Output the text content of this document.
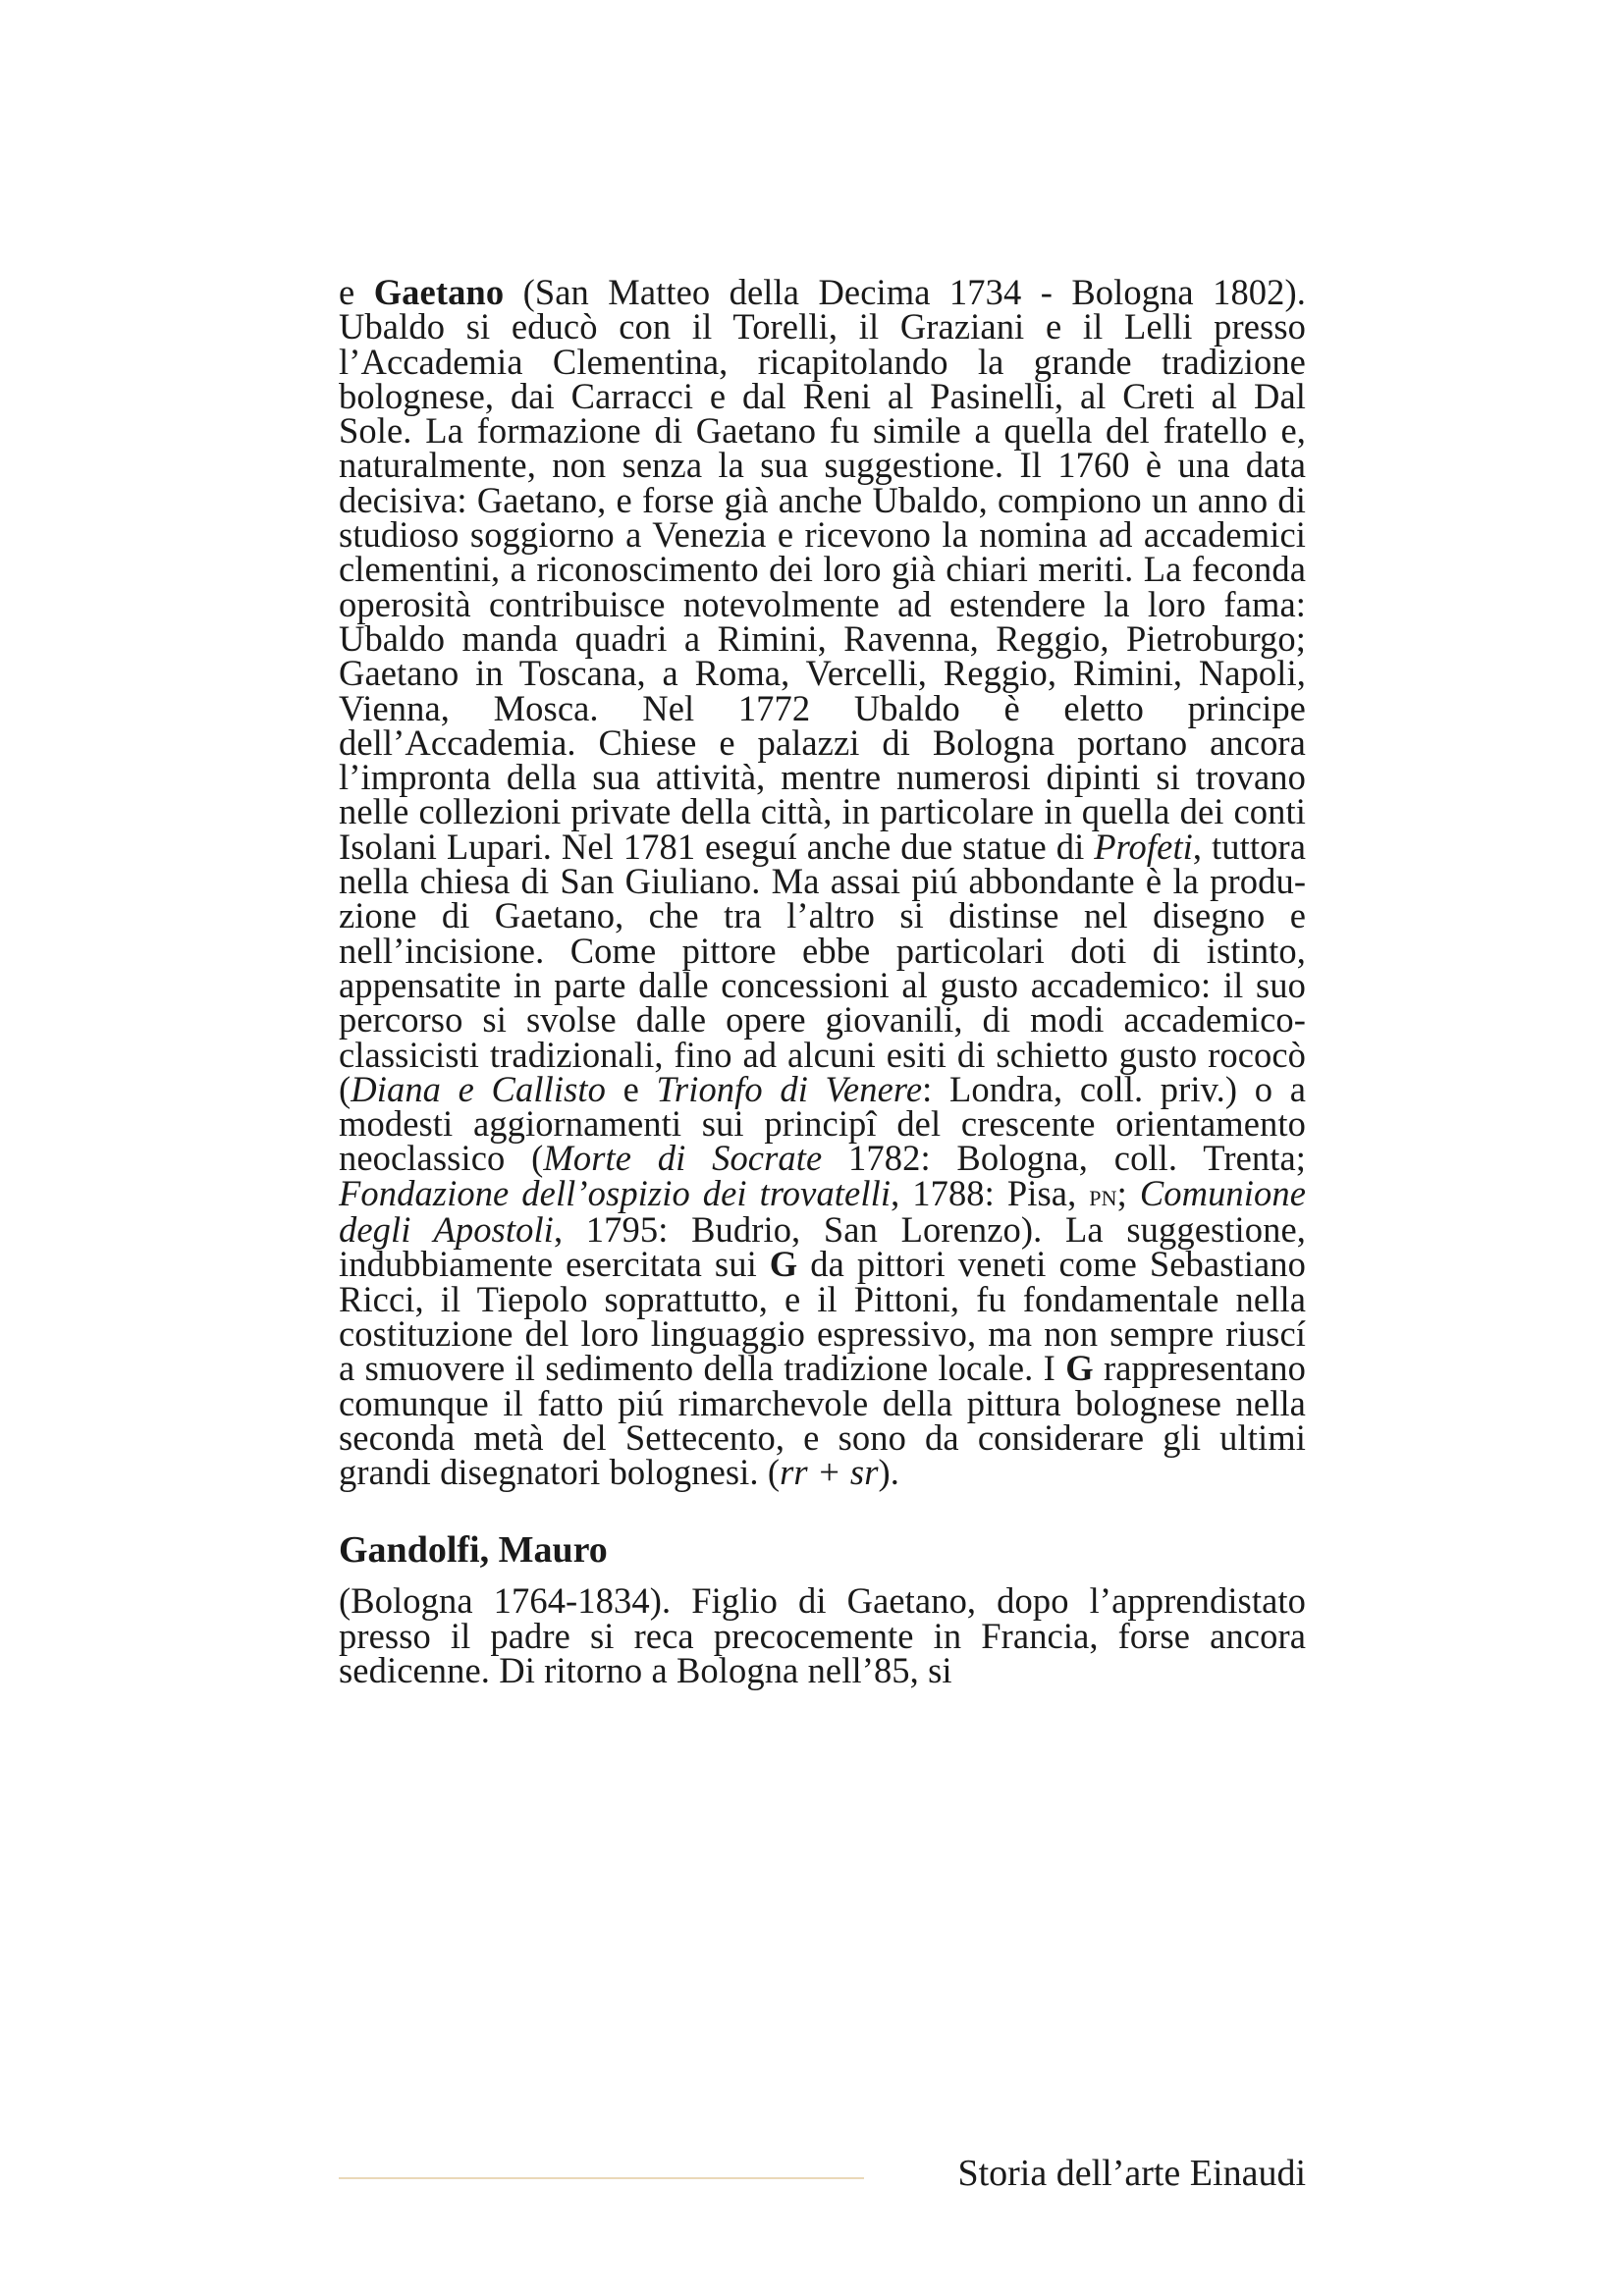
e Gaetano (San Matteo della Decima 1734 - Bologna 1802). Ubaldo si educò con il Torelli, il Graziani e il Lelli presso l’Accademia Clementina, ricapitolando la grande tradizione bolognese, dai Carracci e dal Reni al Pasinelli, al Creti al Dal Sole. La formazione di Gaetano fu simile a quella del fratello e, naturalmente, non senza la sua suggestione. Il 1760 è una data decisiva: Gaetano, e forse già anche Ubaldo, compiono un anno di studioso soggiorno a Venezia e ricevono la nomina ad accademici clementini, a riconoscimento dei loro già chiari meriti. La feconda operosità contribuisce notevolmente ad estendere la loro fama: Ubaldo manda quadri a Rimini, Ravenna, Reggio, Pietroburgo; Gaetano in Toscana, a Roma, Vercelli, Reggio, Rimini, Napoli, Vienna, Mosca. Nel 1772 Ubaldo è eletto principe dell’Accademia. Chiese e palazzi di Bologna portano ancora l’impronta della sua attività, mentre numerosi dipinti si trovano nelle collezioni private della città, in particolare in quella dei conti Isolani Lupari. Nel 1781 eseguí anche due statue di Profeti, tuttora nella chiesa di San Giuliano. Ma assai piú abbondante è la produzione di Gaetano, che tra l’altro si distinse nel disegno e nell’incisione. Come pittore ebbe particolari doti di istinto, appensatite in parte dalle concessioni al gusto accademico: il suo percorso si svolse dalle opere giovanili, di modi accademico-classicisti tradizionali, fino ad alcuni esiti di schietto gusto rococò (Diana e Callisto e Trionfo di Venere: Londra, coll. priv.) o a modesti aggiornamenti sui principî del crescente orientamento neoclassico (Morte di Socrate 1782: Bologna, coll. Trenta; Fondazione dell’ospizio dei trovatelli, 1788: Pisa, pn; Comunione degli Apostoli, 1795: Budrio, San Lorenzo). La suggestione, indubbiamente esercitata sui G da pittori veneti come Sebastiano Ricci, il Tiepolo soprattutto, e il Pittoni, fu fondamentale nella costituzione del loro linguaggio espressivo, ma non sempre riuscí a smuovere il sedimento della tradizione locale. I G rappresentano comunque il fatto piú rimarchevole della pittura bolognese nella seconda metà del Settecento, e sono da considerare gli ultimi grandi disegnatori bolognesi. (rr + sr).

Gandolfi, Mauro

(Bologna 1764-1834). Figlio di Gaetano, dopo l’apprendistato presso il padre si reca precocemente in Francia, forse ancora sedicenne. Di ritorno a Bologna nell’85, si

Storia dell’arte Einaudi
